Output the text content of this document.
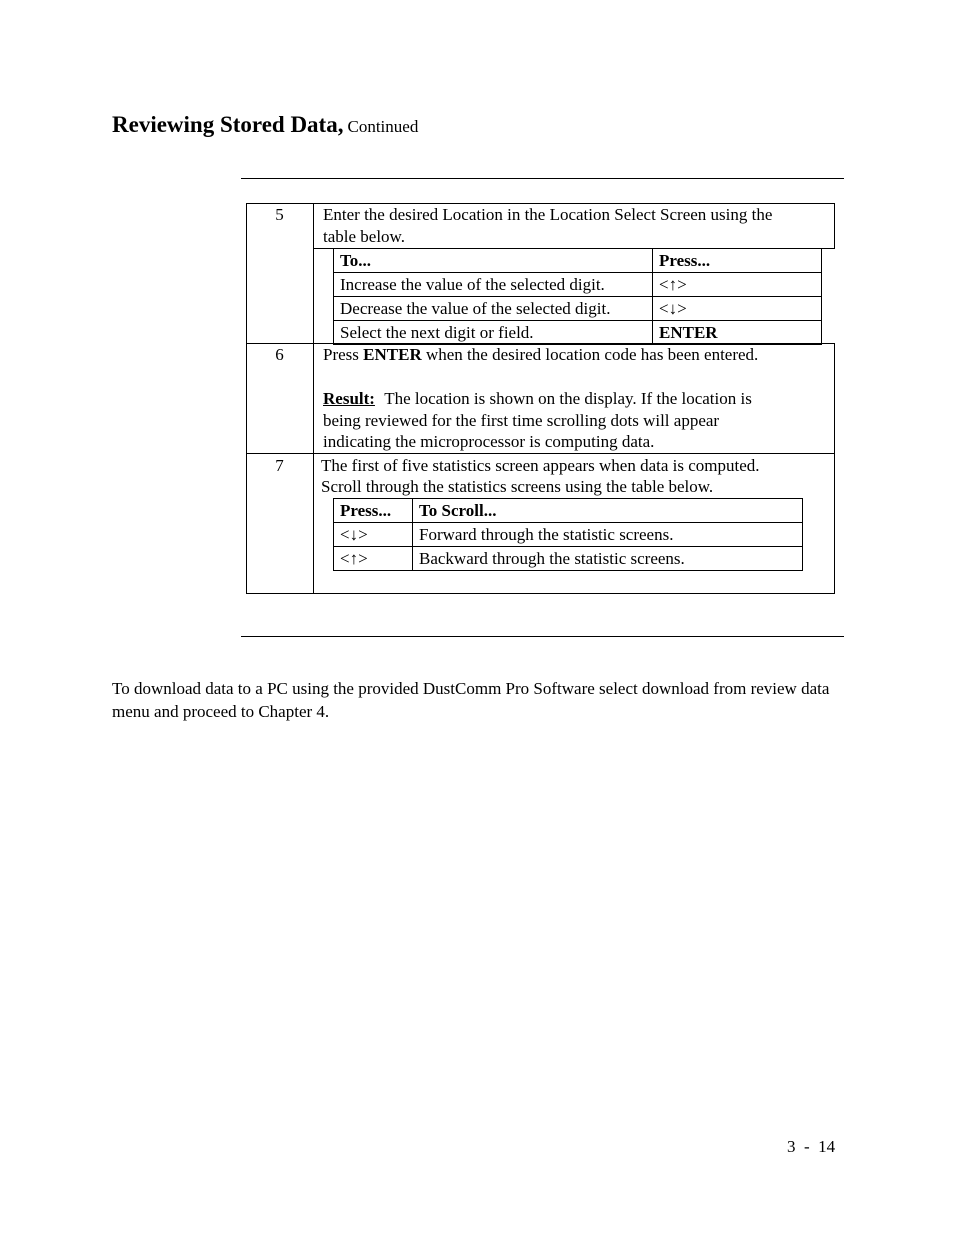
Reviewing Stored Data, Continued
5	Enter the desired Location in the Location Select Screen using the
table below.
To...	Press...
Increase the value of the selected digit.	<↑>
Decrease the value of the selected digit.	<↓>
Select the next digit or field.	ENTER
6	Press ENTER when the desired location code has been entered.
Result: The location is shown on the display. If the location is
being reviewed for the first time scrolling dots will appear
indicating the microprocessor is computing data.
7	The first of five statistics screen appears when data is computed.
Scroll through the statistics screens using the table below.
Press...	To Scroll...
<↓>	Forward through the statistic screens.
<↑>	Backward through the statistic screens.
To download data to a PC using the provided DustComm Pro Software select download from review data menu and proceed to Chapter 4.
3  -  14
